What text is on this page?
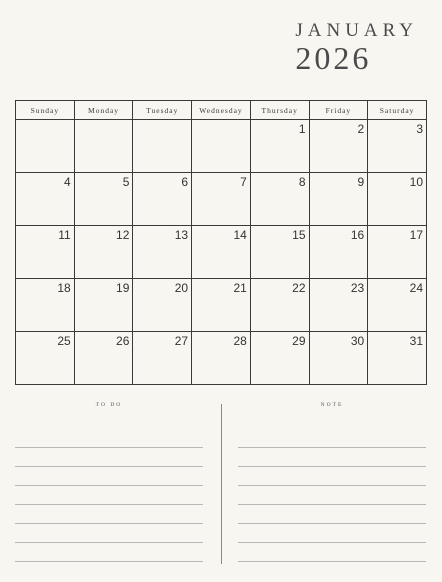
JANUARY
2026
Sunday	Monday	Tuesday	Wednesday	Thursday	Friday	Saturday
				1	2	3
4	5	6	7	8	9	10
11	12	13	14	15	16	17
18	19	20	21	22	23	24
25	26	27	28	29	30	31
TO DO	NOTE
